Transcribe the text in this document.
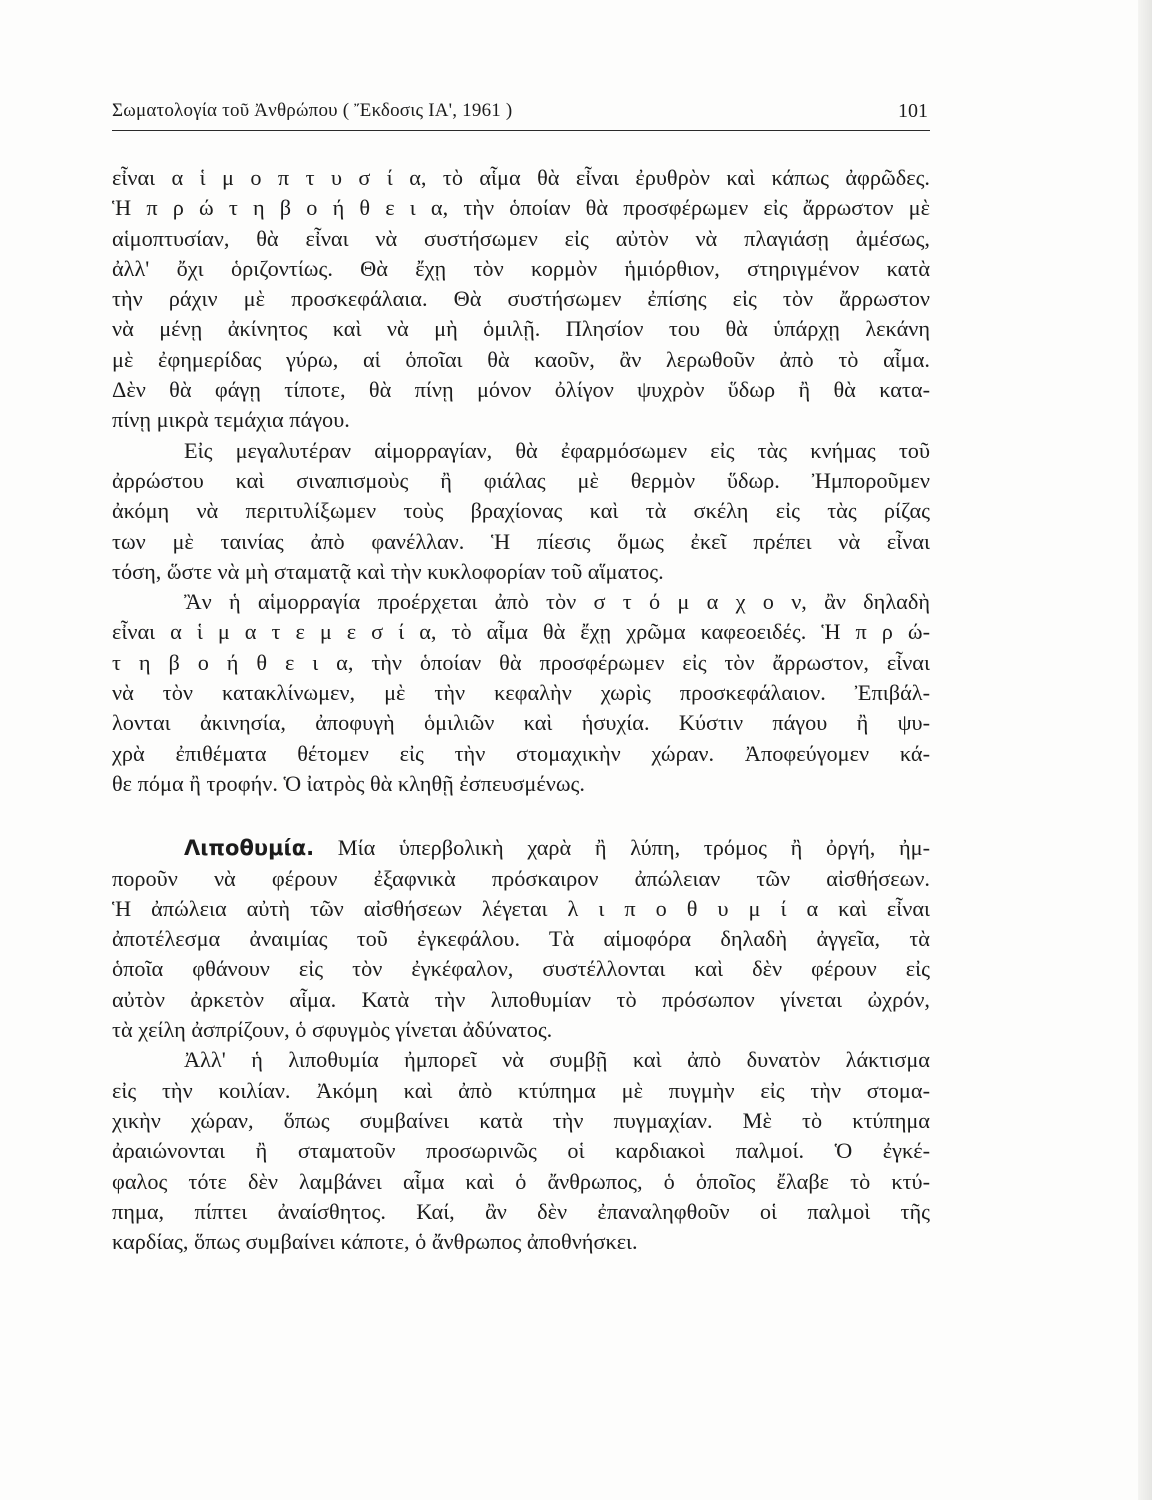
Σωματολογία τοῦ Ἀνθρώπου ( Ἔκδοσις ΙΑ', 1961 )	101
εἶναι α ἱ μ ο π τ υ σ ί α, τὸ αἷμα θὰ εἶναι ἐρυθρὸν καὶ κάπως ἀφρῶδες.
Ἡ π ρ ώ τ η β ο ή θ ε ι α, τὴν ὁποίαν θὰ προσφέρωμεν εἰς ἄρρωστον μὲ
αἱμοπτυσίαν, θὰ εἶναι νὰ συστήσωμεν εἰς αὐτὸν νὰ πλαγιάσῃ ἀμέσως,
ἀλλ' ὄχι ὁριζοντίως. Θὰ ἔχῃ τὸν κορμὸν ἡμιόρθιον, στηριγμένον κατὰ
τὴν ράχιν μὲ προσκεφάλαια. Θὰ συστήσωμεν ἐπίσης εἰς τὸν ἄρρωστον
νὰ μένῃ ἀκίνητος καὶ νὰ μὴ ὁμιλῇ. Πλησίον του θὰ ὑπάρχῃ λεκάνη
μὲ ἐφημερίδας γύρω, αἱ ὁποῖαι θὰ καοῦν, ἂν λερωθοῦν ἀπὸ τὸ αἷμα.
Δὲν θὰ φάγῃ τίποτε, θὰ πίνῃ μόνον ὀλίγον ψυχρὸν ὕδωρ ἢ θὰ κατα-
πίνῃ μικρὰ τεμάχια πάγου.
Εἰς μεγαλυτέραν αἱμορραγίαν, θὰ ἐφαρμόσωμεν εἰς τὰς κνήμας τοῦ
ἀρρώστου καὶ σιναπισμοὺς ἢ φιάλας μὲ θερμὸν ὕδωρ. Ἠμποροῦμεν
ἀκόμη νὰ περιτυλίξωμεν τοὺς βραχίονας καὶ τὰ σκέλη εἰς τὰς ρίζας
των μὲ ταινίας ἀπὸ φανέλλαν. Ἡ πίεσις ὅμως ἐκεῖ πρέπει νὰ εἶναι
τόση, ὥστε νὰ μὴ σταματᾷ καὶ τὴν κυκλοφορίαν τοῦ αἵματος.
Ἂν ἡ αἱμορραγία προέρχεται ἀπὸ τὸν σ τ ό μ α χ ο ν, ἂν δηλαδὴ
εἶναι α ἱ μ α τ ε μ ε σ ί α, τὸ αἷμα θὰ ἔχῃ χρῶμα καφεοειδές. Ἡ π ρ ώ-
τ η β ο ή θ ε ι α, τὴν ὁποίαν θὰ προσφέρωμεν εἰς τὸν ἄρρωστον, εἶναι
νὰ τὸν κατακλίνωμεν, μὲ τὴν κεφαλὴν χωρὶς προσκεφάλαιον. Ἐπιβάλ-
λονται ἀκινησία, ἀποφυγὴ ὁμιλιῶν καὶ ἡσυχία. Κύστιν πάγου ἢ ψυ-
χρὰ ἐπιθέματα θέτομεν εἰς τὴν στομαχικὴν χώραν. Ἀποφεύγομεν κά-
θε πόμα ἢ τροφήν. Ὁ ἰατρὸς θὰ κληθῇ ἐσπευσμένως.
Λιποθυμία. Μία ὑπερβολικὴ χαρὰ ἢ λύπη, τρόμος ἢ ὀργή, ἠμ-
ποροῦν νὰ φέρουν ἐξαφνικὰ πρόσκαιρον ἀπώλειαν τῶν αἰσθήσεων.
Ἡ ἀπώλεια αὐτὴ τῶν αἰσθήσεων λέγεται λ ι π ο θ υ μ ί α καὶ εἶναι
ἀποτέλεσμα ἀναιμίας τοῦ ἐγκεφάλου. Τὰ αἱμοφόρα δηλαδὴ ἀγγεῖα, τὰ
ὁποῖα φθάνουν εἰς τὸν ἐγκέφαλον, συστέλλονται καὶ δὲν φέρουν εἰς
αὐτὸν ἀρκετὸν αἷμα. Κατὰ τὴν λιποθυμίαν τὸ πρόσωπον γίνεται ὠχρόν,
τὰ χείλη ἀσπρίζουν, ὁ σφυγμὸς γίνεται ἀδύνατος.
Ἀλλ' ἡ λιποθυμία ἠμπορεῖ νὰ συμβῇ καὶ ἀπὸ δυνατὸν λάκτισμα
εἰς τὴν κοιλίαν. Ἀκόμη καὶ ἀπὸ κτύπημα μὲ πυγμὴν εἰς τὴν στομα-
χικὴν χώραν, ὅπως συμβαίνει κατὰ τὴν πυγμαχίαν. Μὲ τὸ κτύπημα
ἀραιώνονται ἢ σταματοῦν προσωρινῶς οἱ καρδιακοὶ παλμοί. Ὁ ἐγκέ-
φαλος τότε δὲν λαμβάνει αἷμα καὶ ὁ ἄνθρωπος, ὁ ὁποῖος ἔλαβε τὸ κτύ-
πημα, πίπτει ἀναίσθητος. Καί, ἂν δὲν ἐπαναληφθοῦν οἱ παλμοὶ τῆς
καρδίας, ὅπως συμβαίνει κάποτε, ὁ ἄνθρωπος ἀποθνήσκει.
